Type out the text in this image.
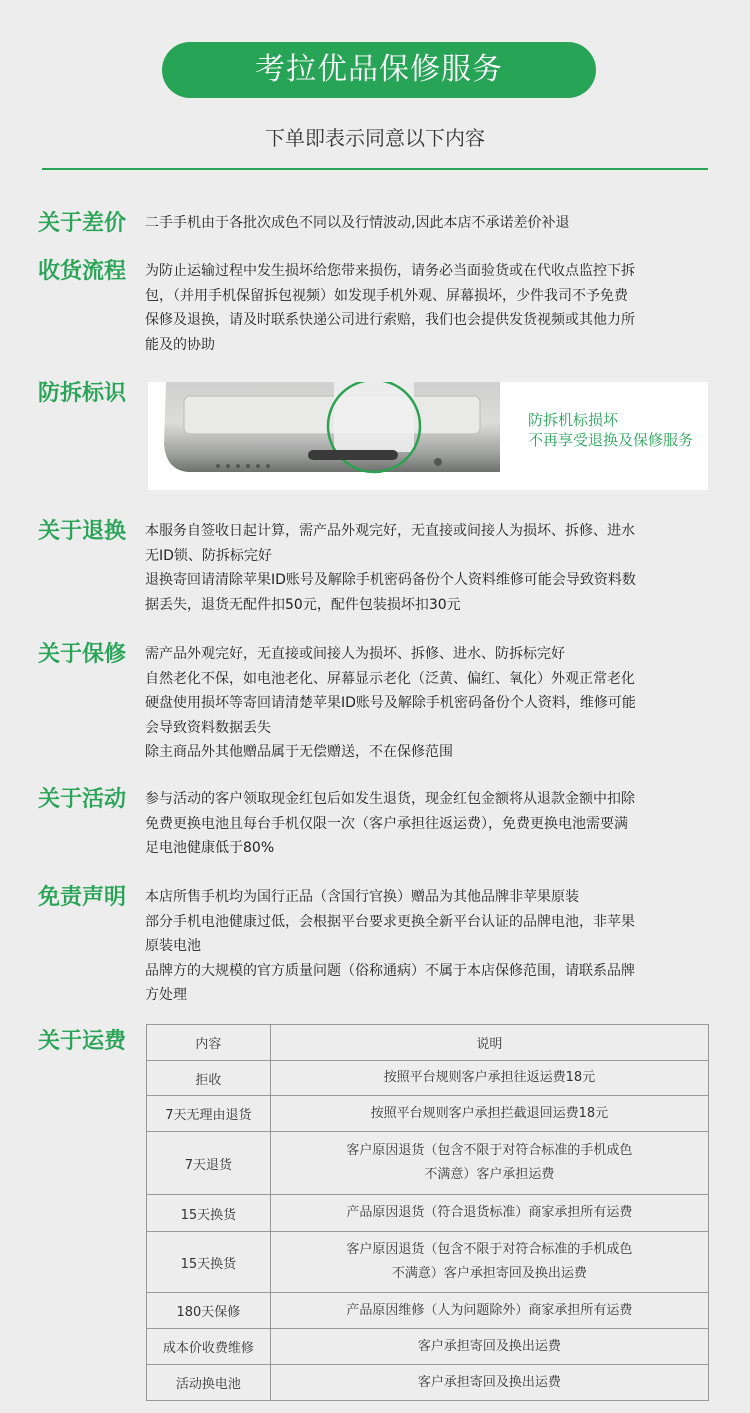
考拉优品保修服务
下单即表示同意以下内容
关于差价 二手手机由于各批次成色不同以及行情波动,因此本店不承诺差价补退
收货流程 为防止运输过程中发生损坏给您带来损伤，请务必当面验货或在代收点监控下拆
包，（并用手机保留拆包视频）如发现手机外观、屏幕损坏，少件我司不予免费
保修及退换，请及时联系快递公司进行索赔，我们也会提供发货视频或其他力所
能及的协助
防拆标识
防拆机标损坏
不再享受退换及保修服务
关于退换 本服务自签收日起计算，需产品外观完好，无直接或间接人为损坏、拆修、进水
无ID锁、防拆标完好
退换寄回请清除苹果ID账号及解除手机密码备份个人资料维修可能会导致资料数
据丢失，退货无配件扣50元，配件包装损坏扣30元
关于保修 需产品外观完好，无直接或间接人为损坏、拆修、进水、防拆标完好
自然老化不保，如电池老化、屏幕显示老化（泛黄、偏红、氧化）外观正常老化
硬盘使用损坏等寄回请清楚苹果ID账号及解除手机密码备份个人资料，维修可能
会导致资料数据丢失
除主商品外其他赠品属于无偿赠送，不在保修范围
关于活动 参与活动的客户领取现金红包后如发生退货，现金红包金额将从退款金额中扣除
免费更换电池且每台手机仅限一次（客户承担往返运费），免费更换电池需要满
足电池健康低于80%
免责声明 本店所售手机均为国行正品（含国行官换）赠品为其他品牌非苹果原装
部分手机电池健康过低，会根据平台要求更换全新平台认证的品牌电池，非苹果
原装电池
品牌方的大规模的官方质量问题（俗称通病）不属于本店保修范围，请联系品牌
方处理
关于运费	内容	说明
拒收	按照平台规则客户承担往返运费18元

7天无理由退货	按照平台规则客户承担拦截退回运费18元

7天退货	客户原因退货（包含不限于对符合标准的手机成色
不满意）客户承担运费

15天换货	产品原因退货（符合退货标准）商家承担所有运费

15天换货	客户原因退货（包含不限于对符合标准的手机成色
不满意）客户承担寄回及换出运费

180天保修	产品原因维修（人为问题除外）商家承担所有运费

成本价收费维修	客户承担寄回及换出运费

活动换电池	客户承担寄回及换出运费
